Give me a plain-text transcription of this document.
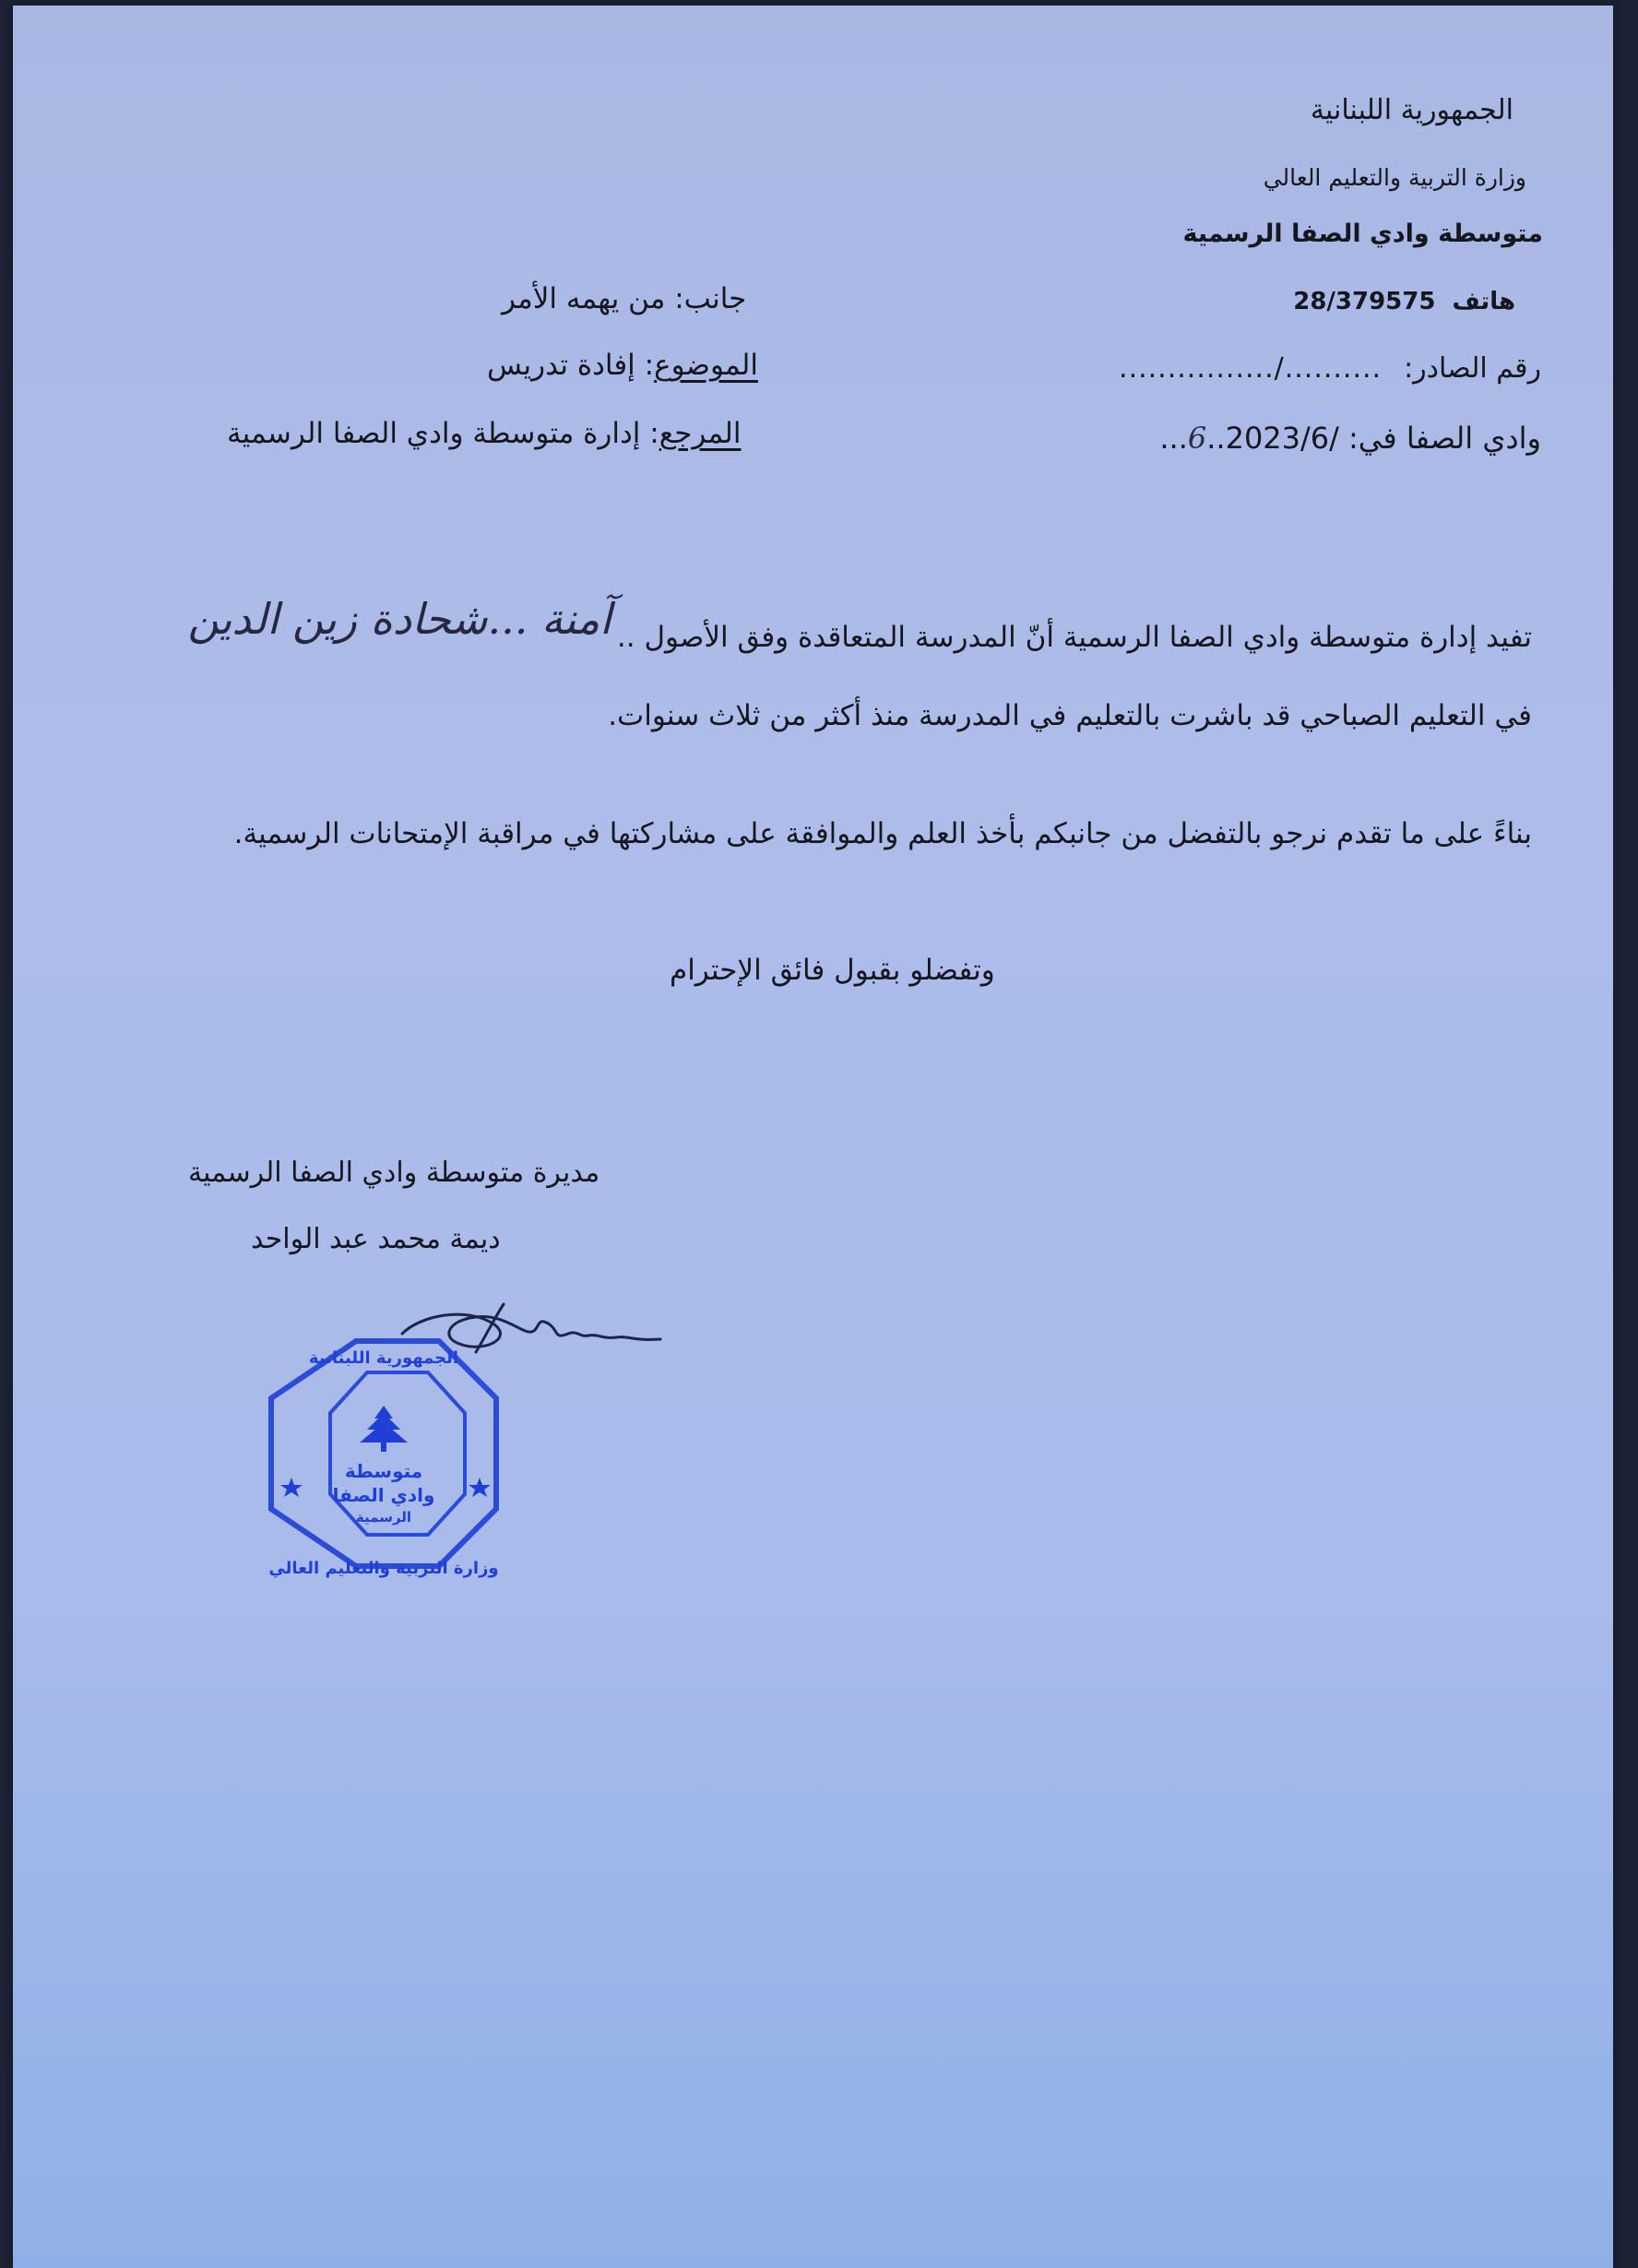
الجمهورية اللبنانية
وزارة التربية والتعليم العالي
متوسطة وادي الصفا الرسمية
هاتف
28/379575
رقم الصادر:
................/..........
وادي الصفا في:
...6..2023/6/
جانب: من يهمه الأمر
الموضوع: إفادة تدريس
المرجع: إدارة متوسطة وادي الصفا الرسمية
تفيد إدارة متوسطة وادي الصفا الرسمية أنّ المدرسة المتعاقدة وفق الأصول ..آمنة ...شحادة زين الدين
في التعليم الصباحي قد باشرت بالتعليم في المدرسة منذ أكثر من ثلاث سنوات.
بناءً على ما تقدم نرجو بالتفضل من جانبكم بأخذ العلم والموافقة على مشاركتها في مراقبة الإمتحانات الرسمية.
وتفضلو بقبول فائق الإحترام
مديرة متوسطة وادي الصفا الرسمية
ديمة محمد عبد الواحد
متوسطة
وادي الصفا
الرسمية
الجمهورية اللبنانية
وزارة التربية والتعليم العالي
